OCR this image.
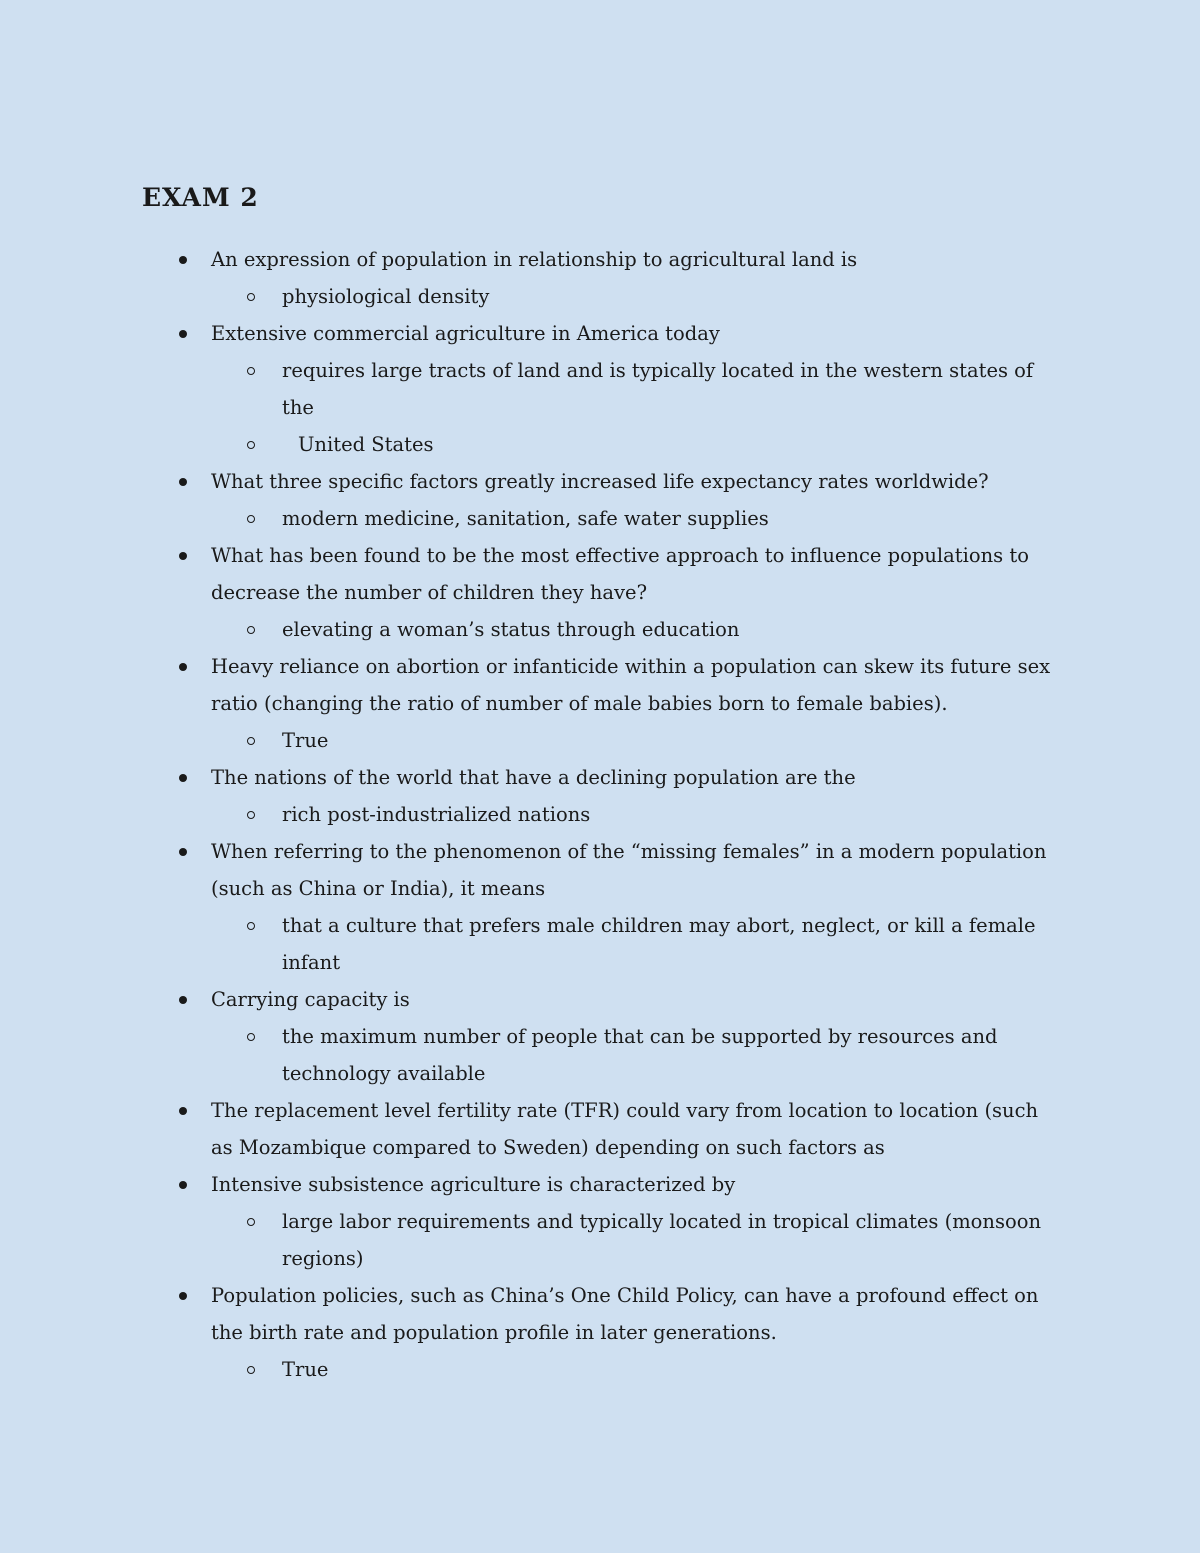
EXAM 2
An expression of population in relationship to agricultural land is
physiological density
Extensive commercial agriculture in America today
requires large tracts of land and is typically located in the western states of the
United States
What three specific factors greatly increased life expectancy rates worldwide?
modern medicine, sanitation, safe water supplies
What has been found to be the most effective approach to influence populations to decrease the number of children they have?
elevating a woman’s status through education
Heavy reliance on abortion or infanticide within a population can skew its future sex ratio (changing the ratio of number of male babies born to female babies).
True
The nations of the world that have a declining population are the
rich post-industrialized nations
When referring to the phenomenon of the “missing females” in a modern population (such as China or India), it means
that a culture that prefers male children may abort, neglect, or kill a female infant
Carrying capacity is
the maximum number of people that can be supported by resources and technology available
The replacement level fertility rate (TFR) could vary from location to location (such as Mozambique compared to Sweden) depending on such factors as
Intensive subsistence agriculture is characterized by
large labor requirements and typically located in tropical climates (monsoon regions)
Population policies, such as China’s One Child Policy, can have a profound effect on the birth rate and population profile in later generations.
True
